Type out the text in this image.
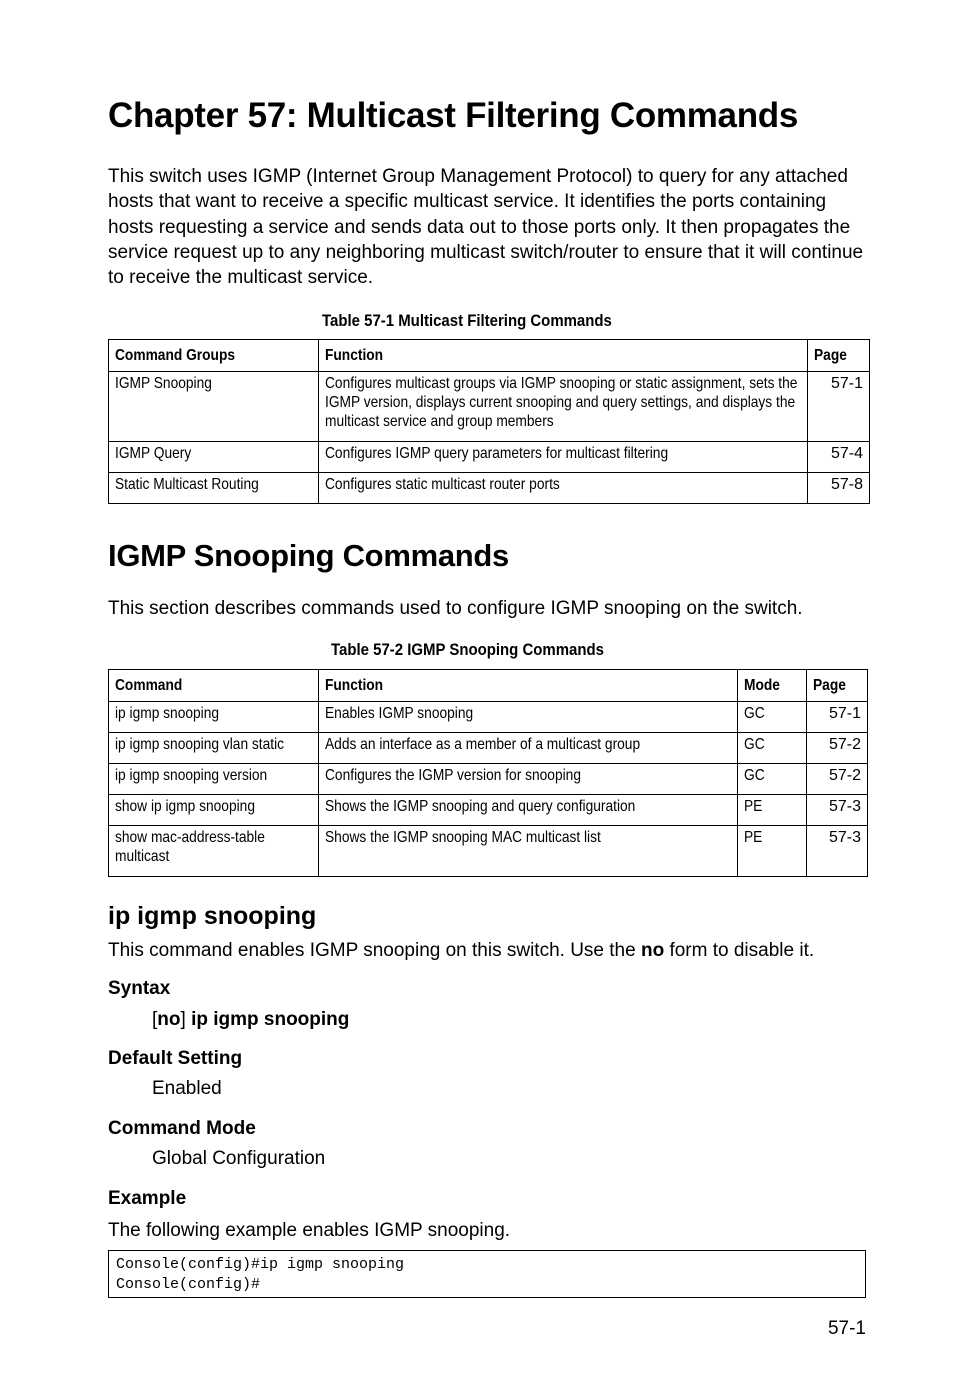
Chapter 57: Multicast Filtering Commands

This switch uses IGMP (Internet Group Management Protocol) to query for any attached hosts that want to receive a specific multicast service. It identifies the ports containing hosts requesting a service and sends data out to those ports only. It then propagates the service request up to any neighboring multicast switch/router to ensure that it will continue to receive the multicast service.

Table 57-1 Multicast Filtering Commands
Command Groups	Function	Page
IGMP Snooping	Configures multicast groups via IGMP snooping or static assignment, sets the IGMP version, displays current snooping and query settings, and displays the multicast service and group members	57-1
IGMP Query	Configures IGMP query parameters for multicast filtering	57-4
Static Multicast Routing	Configures static multicast router ports	57-8
IGMP Snooping Commands

This section describes commands used to configure IGMP snooping on the switch.

Table 57-2 IGMP Snooping Commands
Command	Function	Mode	Page
ip igmp snooping	Enables IGMP snooping	GC	57-1
ip igmp snooping vlan static	Adds an interface as a member of a multicast group	GC	57-2
ip igmp snooping version	Configures the IGMP version for snooping	GC	57-2
show ip igmp snooping	Shows the IGMP snooping and query configuration	PE	57-3

show mac-address-table multicast	Shows the IGMP snooping MAC multicast list	PE	57-3
ip igmp snooping

This command enables IGMP snooping on this switch. Use the no form to disable it.

Syntax

[no] ip igmp snooping

Default Setting

Enabled

Command Mode

Global Configuration

Example

The following example enables IGMP snooping.

Console(config)#ip igmp snooping
Console(config)#
57-1
